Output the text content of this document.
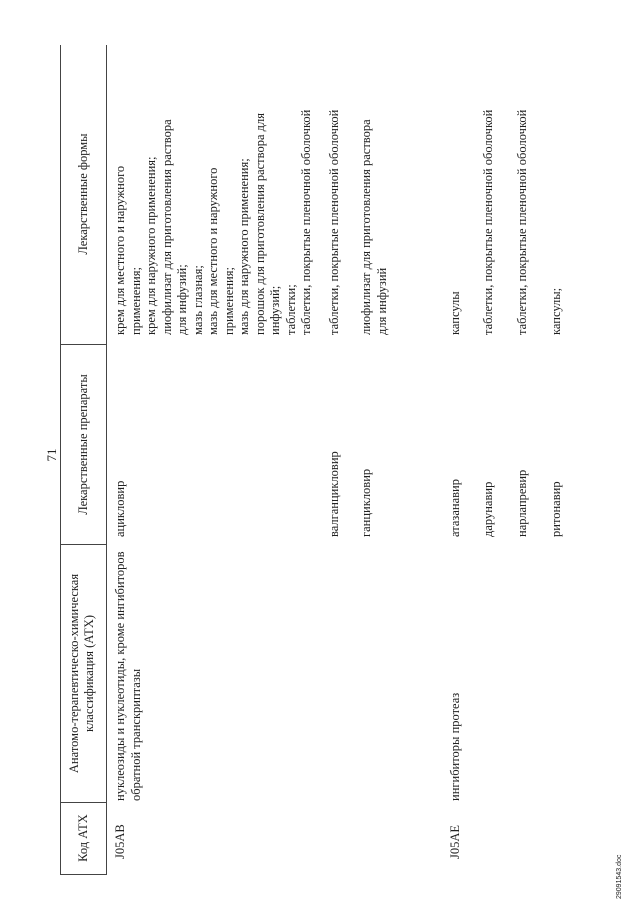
71
Код АТХ
Анатомо-терапевтическо-химическая классификация (АТХ)
Лекарственные препараты
Лекарственные формы
J05AB
нуклеозиды и нуклеотиды, кроме ингибиторов обратной транскриптазы
ацикловир
крем для местного и наружного применения; крем для наружного применения; лиофилизат для приготовления раствора для инфузий; мазь глазная; мазь для местного и наружного применения; мазь для наружного применения; порошок для приготовления раствора для инфузий; таблетки; таблетки, покрытые пленочной оболочкой
валганцикловир
таблетки, покрытые пленочной оболочкой
ганцикловир
лиофилизат для приготовления раствора для инфузий
J05AE
ингибиторы протеаз
атазанавир
капсулы
дарунавир
таблетки, покрытые пленочной оболочкой
нарлапревир
таблетки, покрытые пленочной оболочкой
ритонавир
капсулы;
29091543.doc
